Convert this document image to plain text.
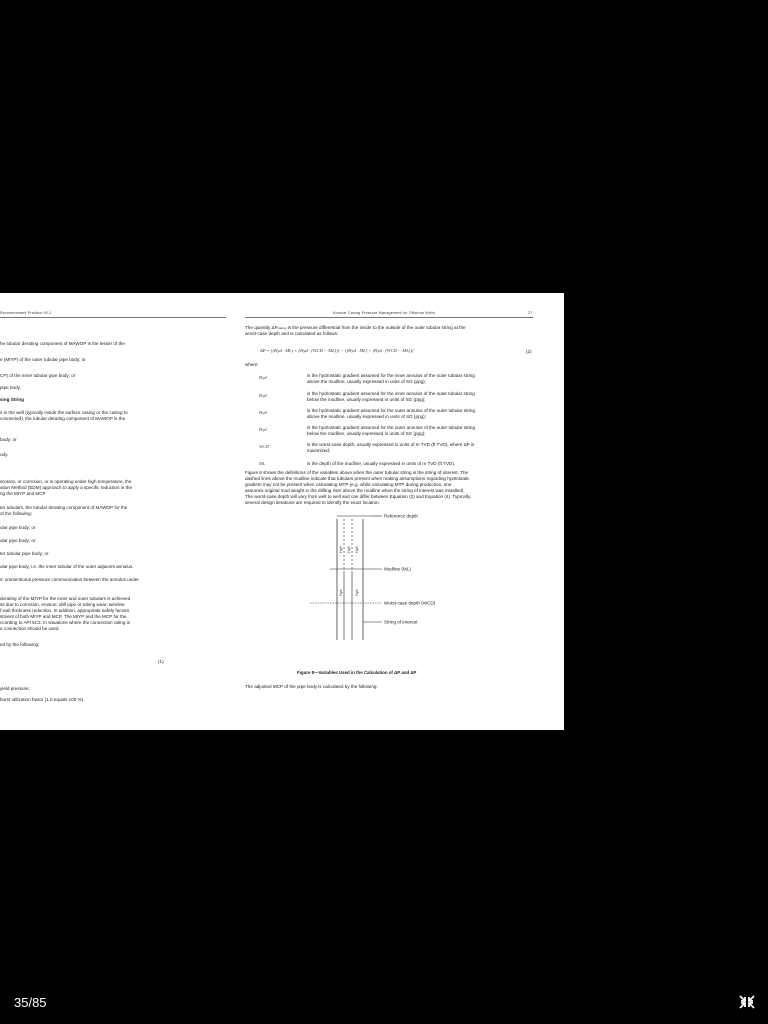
Recommended Practice 90-1
he tubular derating component of MAWOP is the lesser of the
e (MIYP) of the outer tubular pipe body; or
CP) of the inner tubular pipe body; or
pipe body.
sing String
s in the well (typically inside the surface casing or the casing to
connected), the tubular derating component of MAWOP is the
body; or
ody.
erosion, or corrosion, or is operating under high temperature, the
ation Method (EDM) approach to apply a specific reduction in the
ng the MIYP and MCP
ter tubulars, the tubular derating component of MAWOP for the
of the following:
ular pipe body; or
ular pipe body; or
ter tubular pipe body; or
ular pipe body, i.e. the inner tubular of the outer adjacent annulus.
s: unintentional pressure communication between the annulus under
derating of the MIYP for the inner and outer tubulars is achieved
ss due to corrosion, erosion; drill pipe or tubing wear; wireline
f wall thickness reduction. In addition, appropriate safety factors
stment of both MIYP and MCP. The MIYP and the MCP for the
ccording to API 5C3. In situations where the connection rating is
e connection should be used.
ed by the following:
(1)
yield pressure;
burst utilization factor (1.0 equals 100 %).
Annular Casing Pressure Management for Offshore Wells	27
The quantity ΔPcasing is the pressure differential from the inside to the outside of the outer tubular string at the
worst-case depth and is calculated as follows:
ΔP = [(Hyd · ML) + (Hyd · (WCD − ML))] − [(Hyd · ML) + (Hyd · (WCD − ML))]	(2)
where
Hyd	is the hydrostatic gradient assumed for the inner annulus of the outer tubular string
above the mudline, usually expressed in units of SG (ppg);
Hyd	is the hydrostatic gradient assumed for the inner annulus of the outer tubular string
below the mudline, usually expressed in units of SG (ppg);
Hyd	is the hydrostatic gradient assumed for the outer annulus of the outer tubular string
above the mudline, usually expressed in units of SG (ppg);
Hyd	is the hydrostatic gradient assumed for the outer annulus of the outer tubular string
below the mudline, usually expressed in units of SG (ppg);
WCD	is the worst-case depth, usually expressed in units of m TVD (ft TVD), where ΔP is
maximized;
ML	is the depth of the mudline, usually expressed in units of m TVD (ft TVD).
Figure 8 shows the definitions of the variables above when the outer tubular string is the string of interest. The
dashed lines above the mudline indicate that tubulars present when making assumptions regarding hydrostatic
gradient may not be present when calculating MTP (e.g. while calculating MTP during production, one
assumes original mud weight in the drilling riser above the mudline when the string of interest was installed).
The worst-case depth will vary from well to well and can differ between Equation (2) and Equation (4). Typically,
several design iterations are required to identify the exact location.
Reference depth
Mudline (ML)
Worst-case depth (WCD)
String of interest
Hyd Hyd Hyd
Hyd	Hyd
Figure 8—Variables Used in the Calculation of ΔP and ΔP
The adjusted MCP of the pipe body is calculated by the following:
35/85
